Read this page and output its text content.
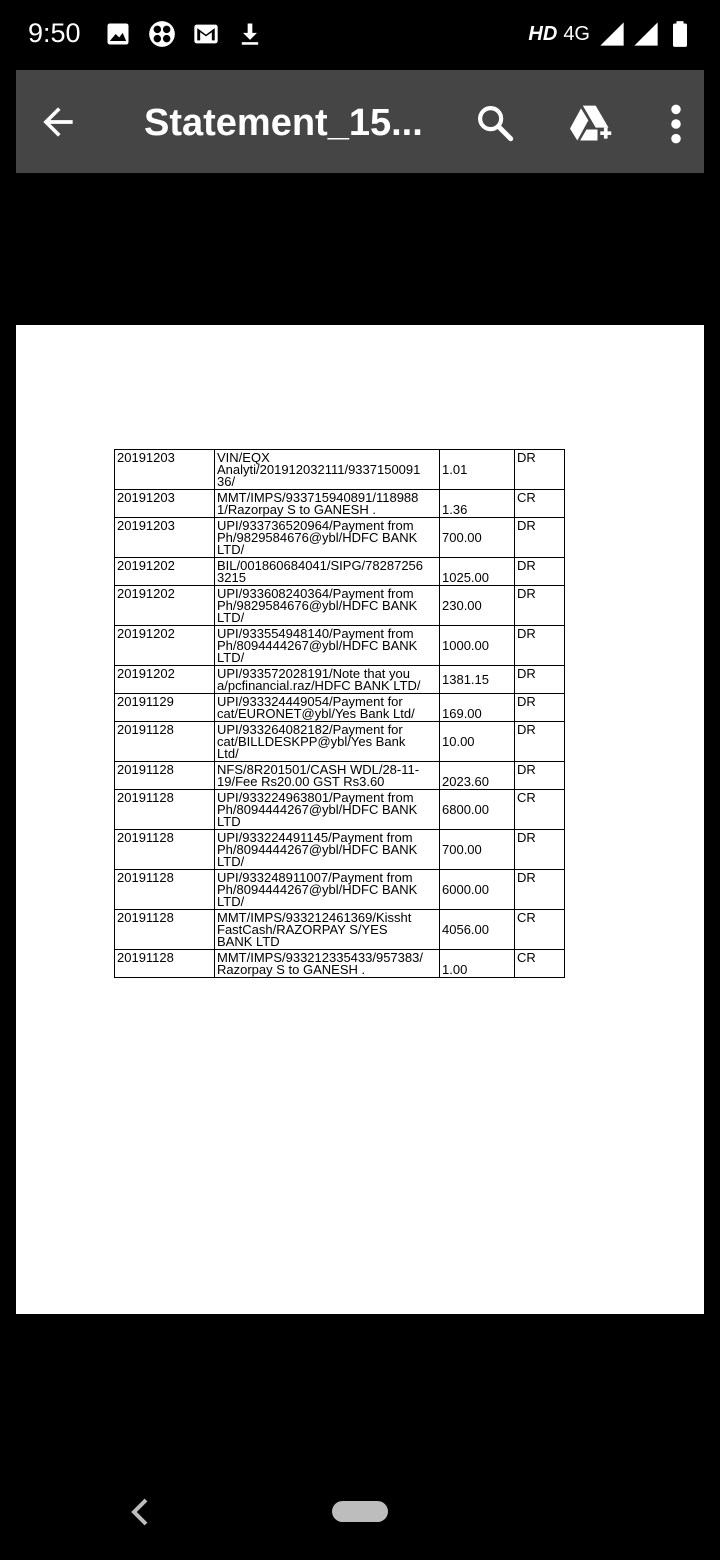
9:50	HD 4G
Statement_15...
20191203	VIN/EQX
Analyti/201912032111/9337150091
36/	1.01	DR
20191203	MMT/IMPS/933715940891/118988
1/Razorpay S to GANESH .	1.36	CR
20191203	UPI/933736520964/Payment from
Ph/9829584676@ybl/HDFC BANK
LTD/	700.00	DR
20191202	BIL/001860684041/SIPG/78287256
3215	1025.00	DR
20191202	UPI/933608240364/Payment from
Ph/9829584676@ybl/HDFC BANK
LTD/	230.00	DR
20191202	UPI/933554948140/Payment from
Ph/8094444267@ybl/HDFC BANK
LTD/	1000.00	DR
20191202	UPI/933572028191/Note that you
a/pcfinancial.raz/HDFC BANK LTD/	1381.15	DR
20191129	UPI/933324449054/Payment for
cat/EURONET@ybl/Yes Bank Ltd/	169.00	DR
20191128	UPI/933264082182/Payment for
cat/BILLDESKPP@ybl/Yes Bank
Ltd/	10.00	DR
20191128	NFS/8R201501/CASH WDL/28-11-
19/Fee Rs20.00 GST Rs3.60	2023.60	DR
20191128	UPI/933224963801/Payment from
Ph/8094444267@ybl/HDFC BANK
LTD	6800.00	CR
20191128	UPI/933224491145/Payment from
Ph/8094444267@ybl/HDFC BANK
LTD/	700.00	DR
20191128	UPI/933248911007/Payment from
Ph/8094444267@ybl/HDFC BANK
LTD/	6000.00	DR
20191128	MMT/IMPS/933212461369/Kissht
FastCash/RAZORPAY S/YES
BANK LTD	4056.00	CR
20191128	MMT/IMPS/933212335433/957383/
Razorpay S to GANESH .	1.00	CR
